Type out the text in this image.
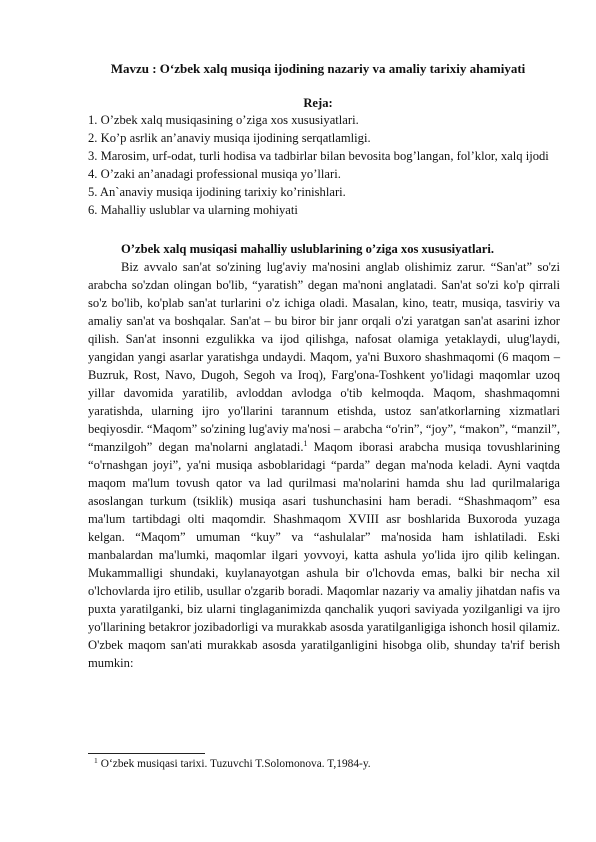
Mavzu : O‘zbek xalq musiqa ijodining nazariy va amaliy tarixiy ahamiyati
Reja:
1. O’zbek xalq musiqasining o’ziga xos xususiyatlari.
2. Ko’p asrlik an’anaviy musiqa ijodining serqatlamligi.
3. Marosim, urf-odat, turli hodisa va tadbirlar bilan bevosita bog’langan, fol’klor, xalq ijodi
4. O’zaki an’anadagi professional musiqa yo’llari.
5. An`anaviy musiqa ijodining tarixiy ko’rinishlari.
6. Mahalliy uslublar va ularning mohiyati
O’zbek xalq musiqasi mahalliy uslublarining o’ziga xos xususiyatlari.
Biz avvalo san'at so'zining lug'aviy ma'nosini anglab olishimiz zarur. “San'at” so'zi arabcha so'zdan olingan bo'lib, “yaratish” degan ma'noni anglatadi. San'at so'zi ko'p qirrali so'z bo'lib, ko'plab san'at turlarini o'z ichiga oladi. Masalan, kino, teatr, musiqa, tasviriy va amaliy san'at va boshqalar. San'at – bu biror bir janr orqali o'zi yaratgan san'at asarini izhor qilish. San'at insonni ezgulikka va ijod qilishga, nafosat olamiga yetaklaydi, ulug'laydi, yangidan yangi asarlar yaratishga undaydi. Maqom, ya'ni Buxoro shashmaqomi (6 maqom – Buzruk, Rost, Navo, Dugoh, Segoh va Iroq), Farg'ona-Toshkent yo'lidagi maqomlar uzoq yillar davomida yaratilib, avloddan avlodga o'tib kelmoqda. Maqom, shashmaqomni yaratishda, ularning ijro yo'llarini tarannum etishda, ustoz san'atkorlarning xizmatlari beqiyosdir. “Maqom” so'zining lug'aviy ma'nosi – arabcha “o'rin”, “joy”, “makon”, “manzil”, “manzilgoh” degan ma'nolarni anglatadi.$^1$ Maqom iborasi arabcha musiqa tovushlarining “o'rnashgan joyi”, ya'ni musiqa asboblaridagi “parda” degan ma'noda keladi. Ayni vaqtda maqom ma'lum tovush qator va lad qurilmasi ma'nolarini hamda shu lad qurilmalariga asoslangan turkum (tsiklik) musiqa asari tushunchasini ham beradi. “Shashmaqom” esa ma'lum tartibdagi olti maqomdir. Shashmaqom XVIII asr boshlarida Buxoroda yuzaga kelgan. “Maqom” umuman “kuy” va “ashulalar” ma'nosida ham ishlatiladi. Eski manbalardan ma'lumki, maqomlar ilgari yovvoyi, katta ashula yo'lida ijro qilib kelingan. Mukammalligi shundaki, kuylanayotgan ashula bir o'lchovda emas, balki bir necha xil o'lchovlarda ijro etilib, usullar o'zgarib boradi. Maqomlar nazariy va amaliy jihatdan nafis va puxta yaratilganki, biz ularni tinglaganimizda qanchalik yuqori saviyada yozilganligi va ijro yo'llarining betakror jozibadorligi va murakkab asosda yaratilganligiga ishonch hosil qilamiz. O'zbek maqom san'ati murakkab asosda yaratilganligini hisobga olib, shunday ta'rif berish mumkin:
$^1$ O‘zbek musiqasi tarixi. Tuzuvchi T.Solomonova. T,1984-y.
